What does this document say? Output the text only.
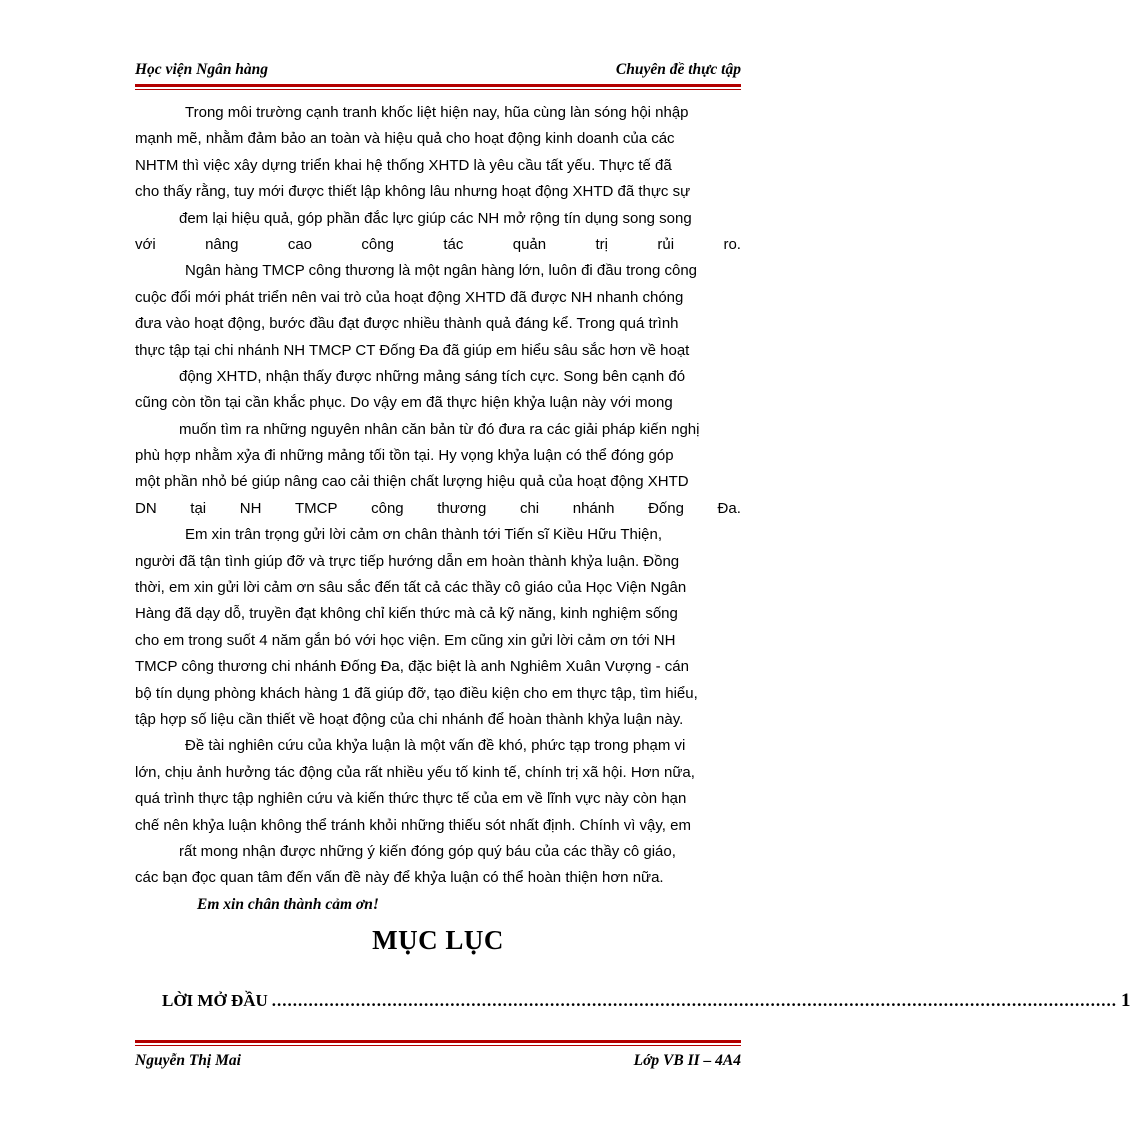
Học viện Ngân hàng	Chuyên đề thực tập
Trong môi trường cạnh tranh khốc liệt hiện nay, hũa cùng làn sóng hội nhập
mạnh mẽ, nhằm đảm bảo an toàn và hiệu quả cho hoạt động kinh doanh của các
NHTM thì việc xây dựng triển khai hệ thống XHTD là yêu cầu tất yếu. Thực tế đã
cho thấy rằng, tuy mới được thiết lập không lâu nhưng hoạt động XHTD đã thực sự
đem lại hiệu quả, góp phần đắc lực giúp các NH mở rộng tín dụng song song
với	nâng	cao	công	tác	quản	trị	rủi	ro.
Ngân hàng TMCP công thương là một ngân hàng lớn, luôn đi đầu trong công
cuộc đổi mới phát triển nên vai trò của hoạt động XHTD đã được NH nhanh chóng
đưa vào hoạt động, bước đầu đạt được nhiều thành quả đáng kể. Trong quá trình
thực tập tại chi nhánh NH TMCP CT Đống Đa đã giúp em hiểu sâu sắc hơn về hoạt
động XHTD, nhận thấy được những mảng sáng tích cực. Song bên cạnh đó
cũng còn tồn tại cần khắc phục. Do vậy em đã thực hiện khỷa luận này với mong
muốn tìm ra những nguyên nhân căn bản từ đó đưa ra các giải pháp kiến nghị
phù hợp nhằm xỷa đi những mảng tối tồn tại. Hy vọng khỷa luận có thể đóng góp
một phần nhỏ bé giúp nâng cao cải thiện chất lượng hiệu quả của hoạt động XHTD
DN tại NH TMCP công thương chi nhánh Đống Đa.
Em xin trân trọng gửi lời cảm ơn chân thành tới Tiến sĩ Kiều Hữu Thiện,
người đã tận tình giúp đỡ và trực tiếp hướng dẫn em hoàn thành khỷa luận. Đồng
thời, em xin gửi lời cảm ơn sâu sắc đến tất cả các thầy cô giáo của Học Viện Ngân
Hàng đã dạy dỗ, truyền đạt không chỉ kiến thức mà cả kỹ năng, kinh nghiệm sống
cho em trong suốt 4 năm gắn bó với học viện. Em cũng xin gửi lời cảm ơn tới NH
TMCP công thương chi nhánh Đống Đa, đặc biệt là anh Nghiêm Xuân Vượng - cán
bộ tín dụng phòng khách hàng 1 đã giúp đỡ, tạo điều kiện cho em thực tập, tìm hiểu,
tập hợp số liệu cần thiết về hoạt động của chi nhánh để hoàn thành khỷa luận này.
Đề tài nghiên cứu của khỷa luận là một vấn đề khó, phức tạp trong phạm vi
lớn, chịu ảnh hưởng tác động của rất nhiều yếu tố kinh tế, chính trị xã hội. Hơn nữa,
quá trình thực tập nghiên cứu và kiến thức thực tế của em về lĩnh vực này còn hạn
chế nên khỷa luận không thể tránh khỏi những thiếu sót nhất định. Chính vì vậy, em
rất mong nhận được những ý kiến đóng góp quý báu của các thầy cô giáo,
các bạn đọc quan tâm đến vấn đề này để khỷa luận có thể hoàn thiện hơn nữa.
Em xin chân thành cảm ơn!
MỤC LỤC
LỜI MỞ ĐẦU ................................................................................................................................................................. 1
Nguyễn Thị Mai	Lớp VB II – 4A4
